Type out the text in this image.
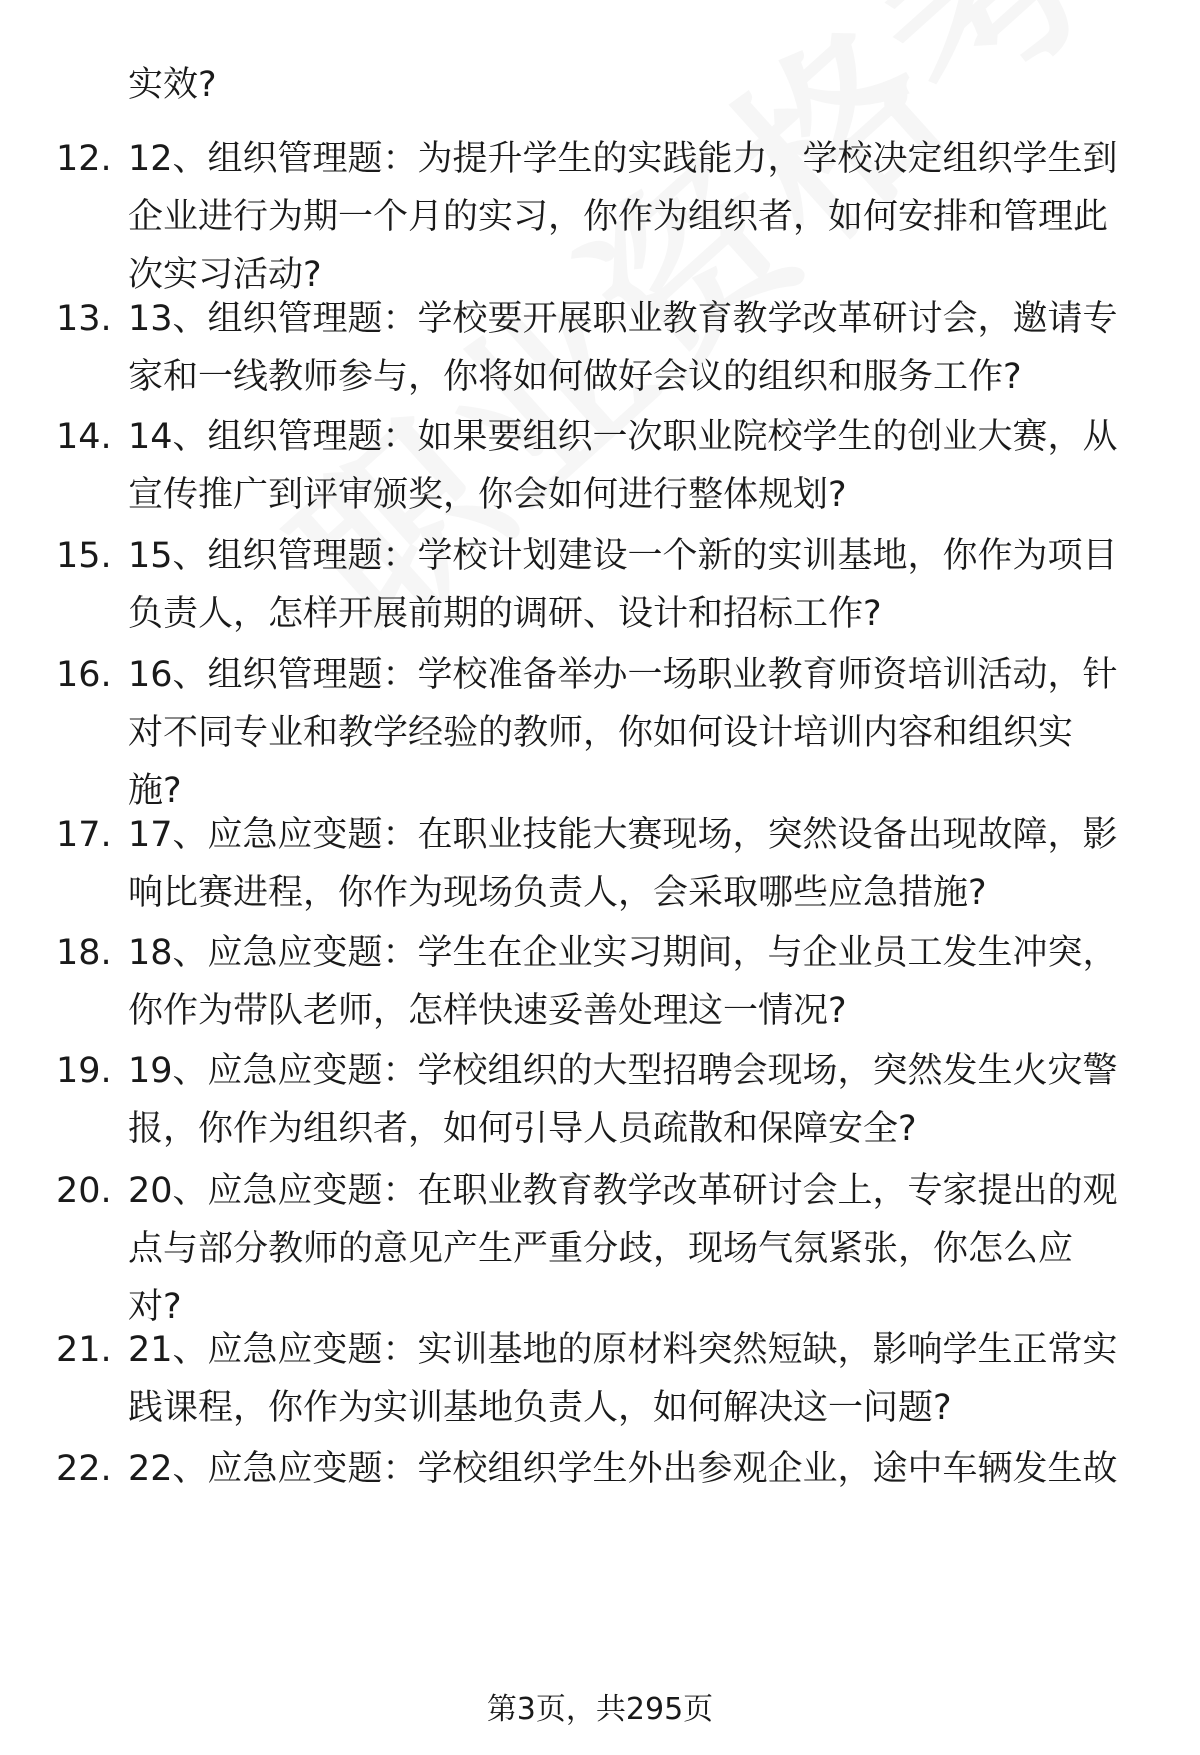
实效?
12. 12、组织管理题：为提升学生的实践能力，学校决定组织学生到
企业进行为期一个月的实习，你作为组织者，如何安排和管理此
次实习活动?
13. 13、组织管理题：学校要开展职业教育教学改革研讨会，邀请专
家和一线教师参与，你将如何做好会议的组织和服务工作?
14. 14、组织管理题：如果要组织一次职业院校学生的创业大赛，从
宣传推广到评审颁奖，你会如何进行整体规划?
15. 15、组织管理题：学校计划建设一个新的实训基地，你作为项目
负责人，怎样开展前期的调研、设计和招标工作?
16. 16、组织管理题：学校准备举办一场职业教育师资培训活动，针
对不同专业和教学经验的教师，你如何设计培训内容和组织实
施?
17. 17、应急应变题：在职业技能大赛现场，突然设备出现故障，影
响比赛进程，你作为现场负责人，会采取哪些应急措施?
18. 18、应急应变题：学生在企业实习期间，与企业员工发生冲突，
你作为带队老师，怎样快速妥善处理这一情况?
19. 19、应急应变题：学校组织的大型招聘会现场，突然发生火灾警
报，你作为组织者，如何引导人员疏散和保障安全?
20. 20、应急应变题：在职业教育教学改革研讨会上，专家提出的观
点与部分教师的意见产生严重分歧，现场气氛紧张，你怎么应
对?
21. 21、应急应变题：实训基地的原材料突然短缺，影响学生正常实
践课程，你作为实训基地负责人，如何解决这一问题?
22. 22、应急应变题：学校组织学生外出参观企业，途中车辆发生故
第3页，共295页
